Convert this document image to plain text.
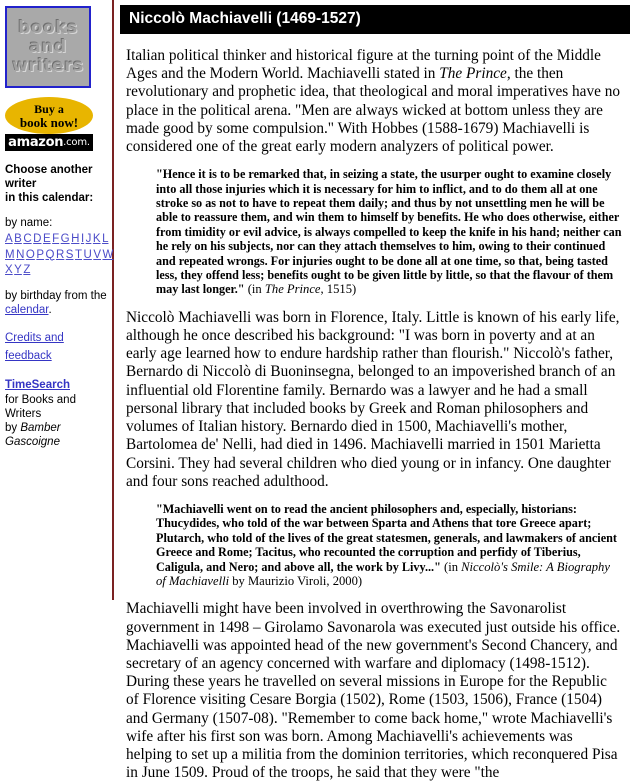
books
and
writers
Buy a
book now!
amazon .com.
Choose another writer
in this calendar:
by name:
A B C D E F G H I J K L
M N O P Q R S T U V W
X Y Z
by birthday from the calendar.
Credits and feedback
TimeSearch
for Books and Writers
by Bamber Gascoigne
Niccolò Machiavelli (1469-1527)

Italian political thinker and historical figure at the turning point of the Middle Ages and the Modern World. Machiavelli stated in The Prince, the then revolutionary and prophetic idea, that theological and moral imperatives have no place in the political arena. "Men are always wicked at bottom unless they are made good by some compulsion." With Hobbes (1588-1679) Machiavelli is considered one of the great early modern analyzers of political power.

"Hence it is to be remarked that, in seizing a state, the usurper ought to examine closely into all those injuries which it is necessary for him to inflict, and to do them all at one stroke so as not to have to repeat them daily; and thus by not unsettling men he will be able to reassure them, and win them to himself by benefits. He who does otherwise, either from timidity or evil advice, is always compelled to keep the knife in his hand; neither can he rely on his subjects, nor can they attach themselves to him, owing to their continued and repeated wrongs. For injuries ought to be done all at one time, so that, being tasted less, they offend less; benefits ought to be given little by little, so that the flavour of them may last longer." (in The Prince, 1515)

Niccolò Machiavelli was born in Florence, Italy. Little is known of his early life, although he once described his background: "I was born in poverty and at an early age learned how to endure hardship rather than flourish." Niccolò's father, Bernardo di Niccolò di Buoninsegna, belonged to an impoverished branch of an influential old Florentine family. Bernardo was a lawyer and he had a small personal library that included books by Greek and Roman philosophers and volumes of Italian history. Bernardo died in 1500, Machiavelli's mother, Bartolomea de' Nelli, had died in 1496. Machiavelli married in 1501 Marietta Corsini. They had several children who died young or in infancy. One daughter and four sons reached adulthood.

"Machiavelli went on to read the ancient philosophers and, especially, historians: Thucydides, who told of the war between Sparta and Athens that tore Greece apart; Plutarch, who told of the lives of the great statesmen, generals, and lawmakers of ancient Greece and Rome; Tacitus, who recounted the corruption and perfidy of Tiberius, Caligula, and Nero; and above all, the work by Livy..." (in Niccolò's Smile: A Biography of Machiavelli by Maurizio Viroli, 2000)

Machiavelli might have been involved in overthrowing the Savonarolist government in 1498 – Girolamo Savonarola was executed just outside his office. Machiavelli was appointed head of the new government's Second Chancery, and secretary of an agency concerned with warfare and diplomacy (1498-1512). During these years he travelled on several missions in Europe for the Republic of Florence visiting Cesare Borgia (1502), Rome (1503, 1506), France (1504) and Germany (1507-08). "Remember to come back home," wrote Machiavelli's wife after his first son was born. Among Machiavelli's achievements was helping to set up a militia from the dominion territories, which reconquered Pisa in June 1509. Proud of the troops, he said that they were "the
